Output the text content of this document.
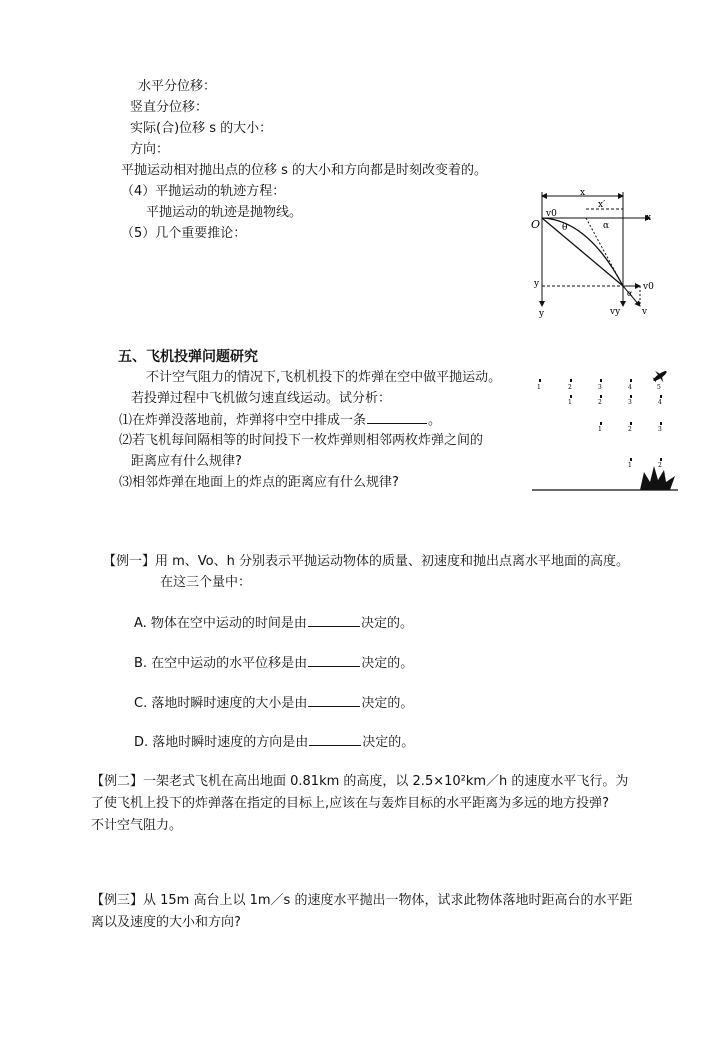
水平分位移：
竖直分位移：
实际(合)位移 s 的大小：
方向：
平抛运动相对抛出点的位移 s 的大小和方向都是时刻改变着的。
（4）平抛运动的轨迹方程：
平抛运动的轨迹是抛物线。
（5）几个重要推论：
x
x′
x
v0
O θ	α
y
y
α
v0
vy v
五、飞机投弹问题研究
不计空气阻力的情况下,飞机机投下的炸弹在空中做平抛运动。
若投弹过程中飞机做匀速直线运动。试分析：
⑴在炸弹没落地前，炸弹将中空中排成一条	。
⑵若飞机每间隔相等的时间投下一枚炸弹则相邻两枚炸弹之间的
距离应有什么规律?
⑶相邻炸弹在地面上的炸点的距离应有什么规律?
1	2	3	4	5
1	2	3	4
1	2	3
1	2
【例一】用 m、Vo、h 分别表示平抛运动物体的质量、初速度和抛出点离水平地面的高度。
在这三个量中：
A. 物体在空中运动的时间是由	决定的。
B. 在空中运动的水平位移是由	决定的。
C. 落地时瞬时速度的大小是由	决定的。
D. 落地时瞬时速度的方向是由	决定的。
【例二】一架老式飞机在高出地面 0.81km 的高度，以 2.5×10²km／h 的速度水平飞行。为
了使飞机上投下的炸弹落在指定的目标上,应该在与轰炸目标的水平距离为多远的地方投弹?
不计空气阻力。
【例三】从 15m 高台上以 1m／s 的速度水平抛出一物体，试求此物体落地时距高台的水平距
离以及速度的大小和方向?
